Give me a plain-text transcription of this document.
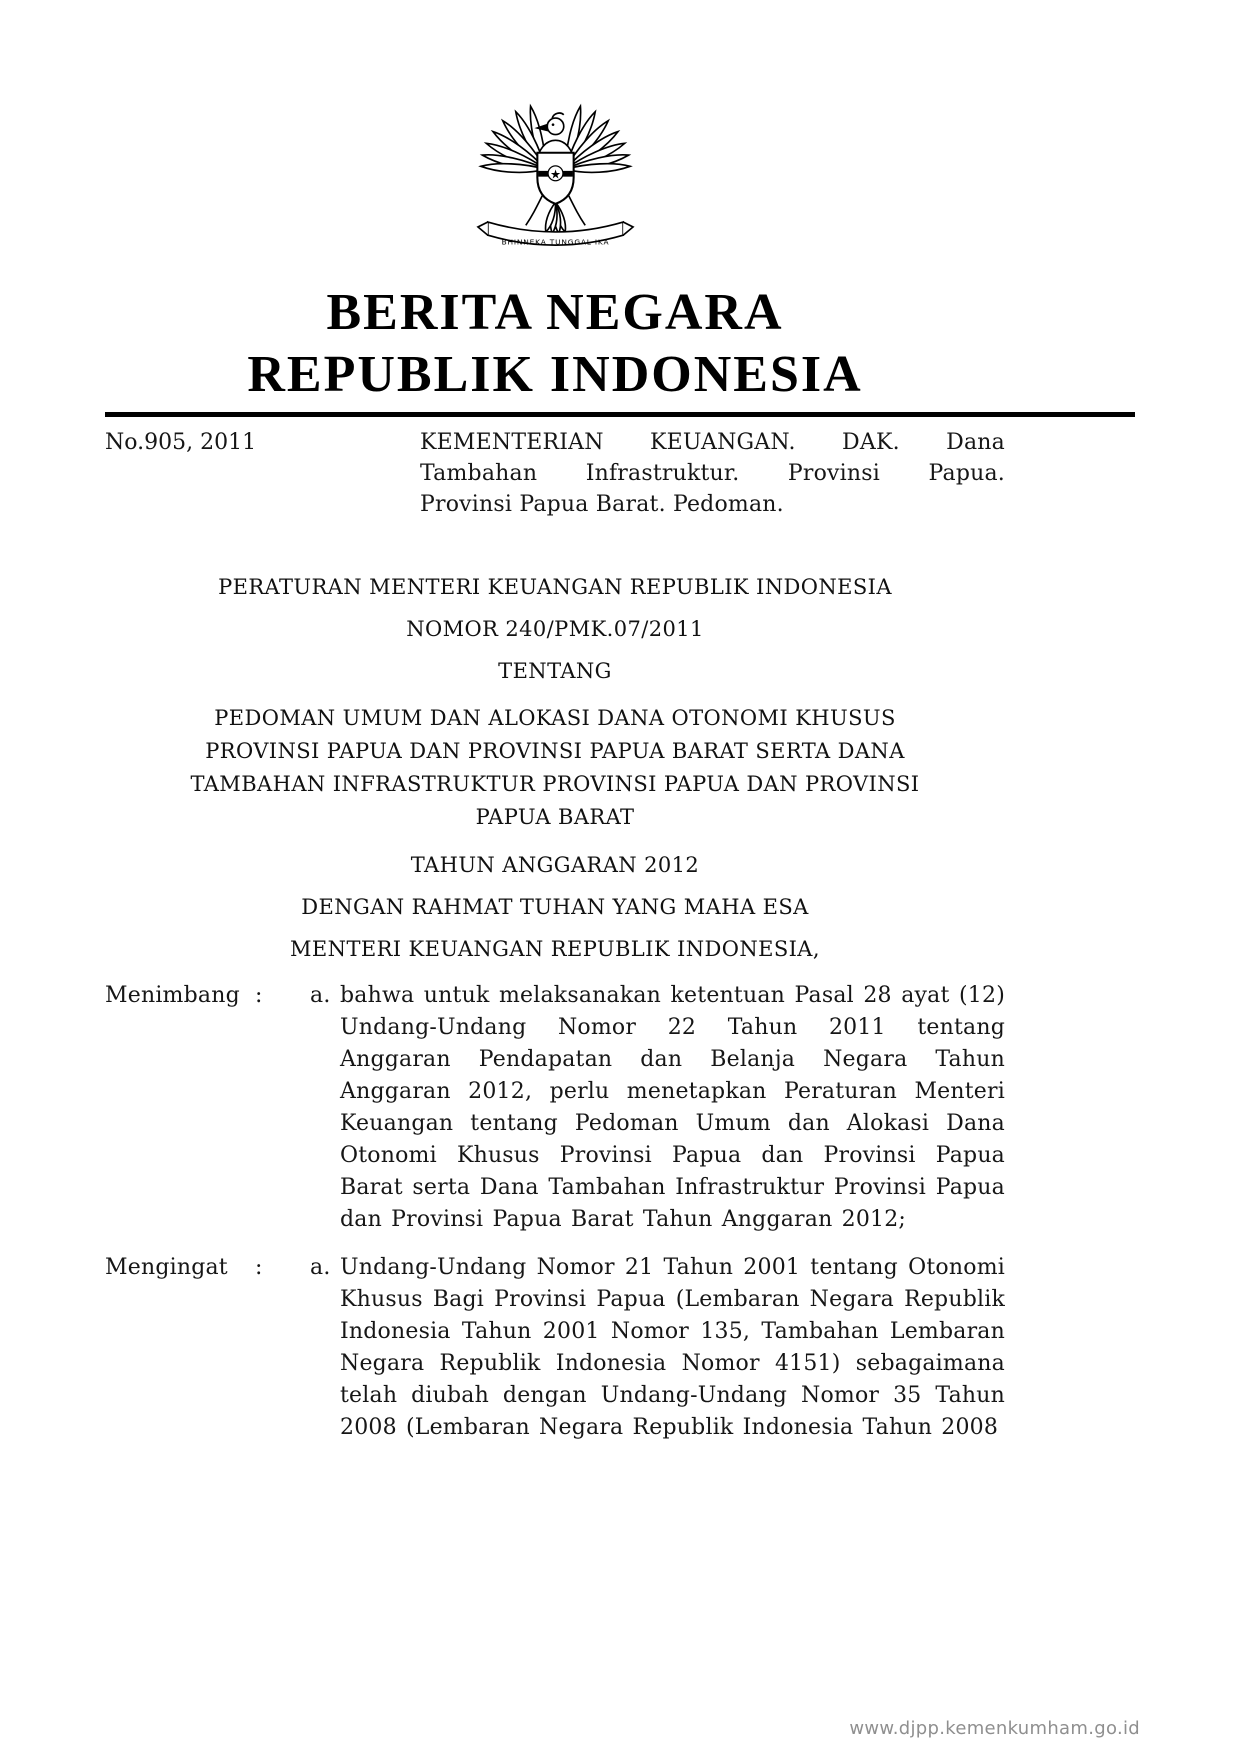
★
BHINNEKA TUNGGAL IKA
BERITA NEGARA
REPUBLIK INDONESIA
No.905, 2011	KEMENTERIAN KEUANGAN. DAK. Dana
Tambahan Infrastruktur. Provinsi Papua.
Provinsi Papua Barat. Pedoman.
PERATURAN MENTERI KEUANGAN REPUBLIK INDONESIA
NOMOR 240/PMK.07/2011
TENTANG
PEDOMAN UMUM DAN ALOKASI DANA OTONOMI KHUSUS PROVINSI PAPUA DAN PROVINSI PAPUA BARAT SERTA DANA TAMBAHAN INFRASTRUKTUR PROVINSI PAPUA DAN PROVINSI PAPUA BARAT
TAHUN ANGGARAN 2012
DENGAN RAHMAT TUHAN YANG MAHA ESA
MENTERI KEUANGAN REPUBLIK INDONESIA,
Menimbang :	a. bahwa untuk melaksanakan ketentuan Pasal 28 ayat (12) Undang-Undang Nomor 22 Tahun 2011 tentang Anggaran Pendapatan dan Belanja Negara Tahun Anggaran 2012, perlu menetapkan Peraturan Menteri Keuangan tentang Pedoman Umum dan Alokasi Dana Otonomi Khusus Provinsi Papua dan Provinsi Papua Barat serta Dana Tambahan Infrastruktur Provinsi Papua dan Provinsi Papua Barat Tahun Anggaran 2012;
Mengingat	:	a. Undang-Undang Nomor 21 Tahun 2001 tentang Otonomi Khusus Bagi Provinsi Papua (Lembaran Negara Republik Indonesia Tahun 2001 Nomor 135, Tambahan Lembaran Negara Republik Indonesia Nomor 4151) sebagaimana telah diubah dengan Undang-Undang Nomor 35 Tahun 2008 (Lembaran Negara Republik Indonesia Tahun 2008
www.djpp.kemenkumham.go.id
